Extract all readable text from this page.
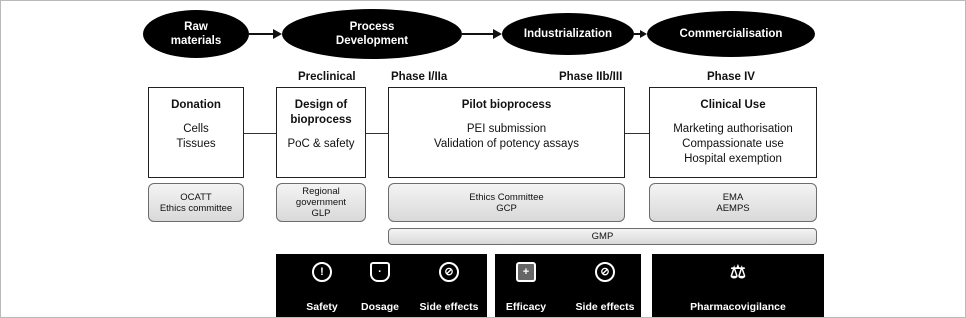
Raw
materials
Process
Development
Industrialization	Commercialisation
Preclinical	Phase I/IIa	Phase IIb/III	Phase IV
Donation
Cells
Tissues
Design of
bioprocess
PoC & safety
Pilot bioprocess
PEI submission
Validation of potency assays
Clinical Use
Marketing authorisation
Compassionate use
Hospital exemption
OCATT
Ethics committee
Regional
government
GLP
Ethics Committee
GCP
EMA
AEMPS
GMP
!	·	⊘
Safety Dosage Side effects
+	⊘
Efficacy	Side effects
⚖
Pharmacovigilance
